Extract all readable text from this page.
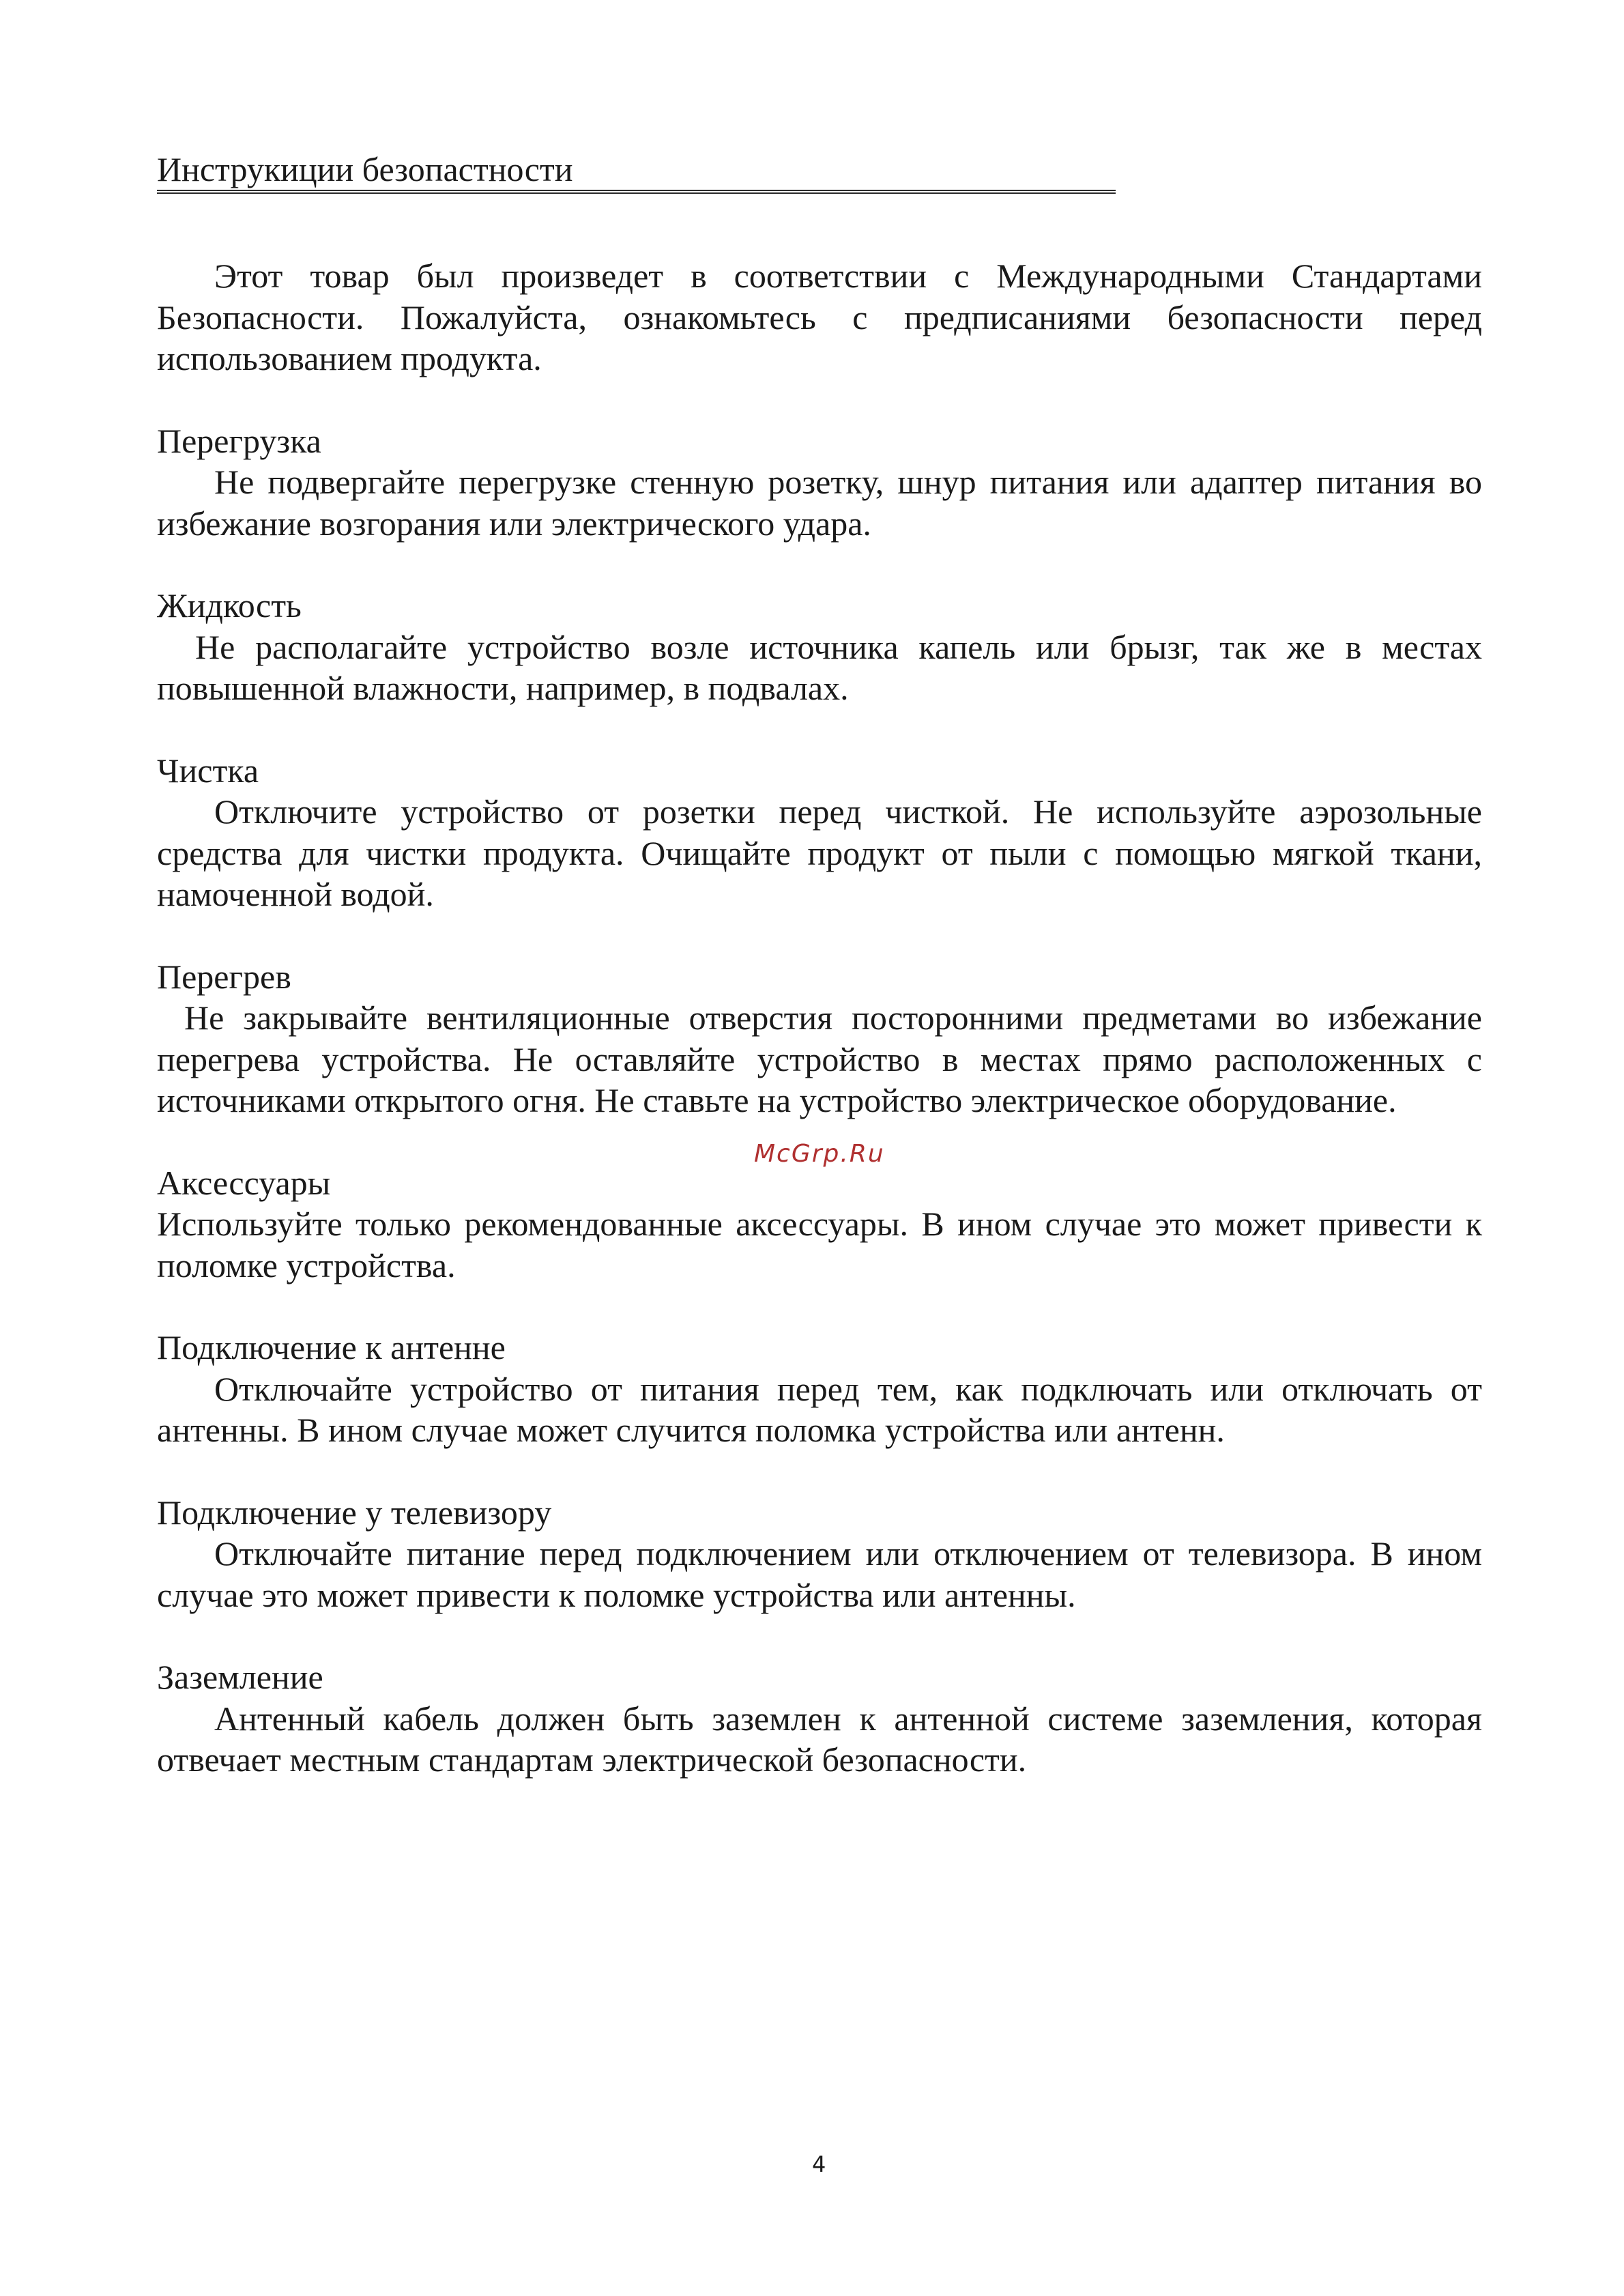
Инструкиции безопастности

Этот товар был произведет в соответствии с Международными Стандартами Безопасности. Пожалуйста, ознакомьтесь с предписаниями безопасности перед использованием продукта.

Перегрузка

Не подвергайте перегрузке стенную розетку, шнур питания или адаптер питания во избежание возгорания или электрического удара.

Жидкость

Не располагайте устройство возле источника капель или брызг, так же в местах повышенной влажности, например, в подвалах.

Чистка

Отключите устройство от розетки перед чисткой. Не используйте аэрозольные средства для чистки продукта. Очищайте продукт от пыли с помощью мягкой ткани, намоченной водой.

Перегрев

Не закрывайте вентиляционные отверстия посторонними предметами во избежание перегрева устройства. Не оставляйте устройство в местах прямо расположенных с источниками открытого огня. Не ставьте на устройство электрическое оборудование.

Аксессуары

Используйте только рекомендованные аксессуары. В ином случае это может привести к поломке устройства.

Подключение к антенне

Отключайте устройство от питания перед тем, как подключать или отключать от антенны. В ином случае может случится поломка устройства или антенн.

Подключение у телевизору

Отключайте питание перед подключением или отключением от телевизора. В ином случае это может привести к поломке устройства или антенны.

Заземление

Антенный кабель должен быть заземлен к антенной системе заземления, которая отвечает местным стандартам электрической безопасности.

McGrp.Ru
4
